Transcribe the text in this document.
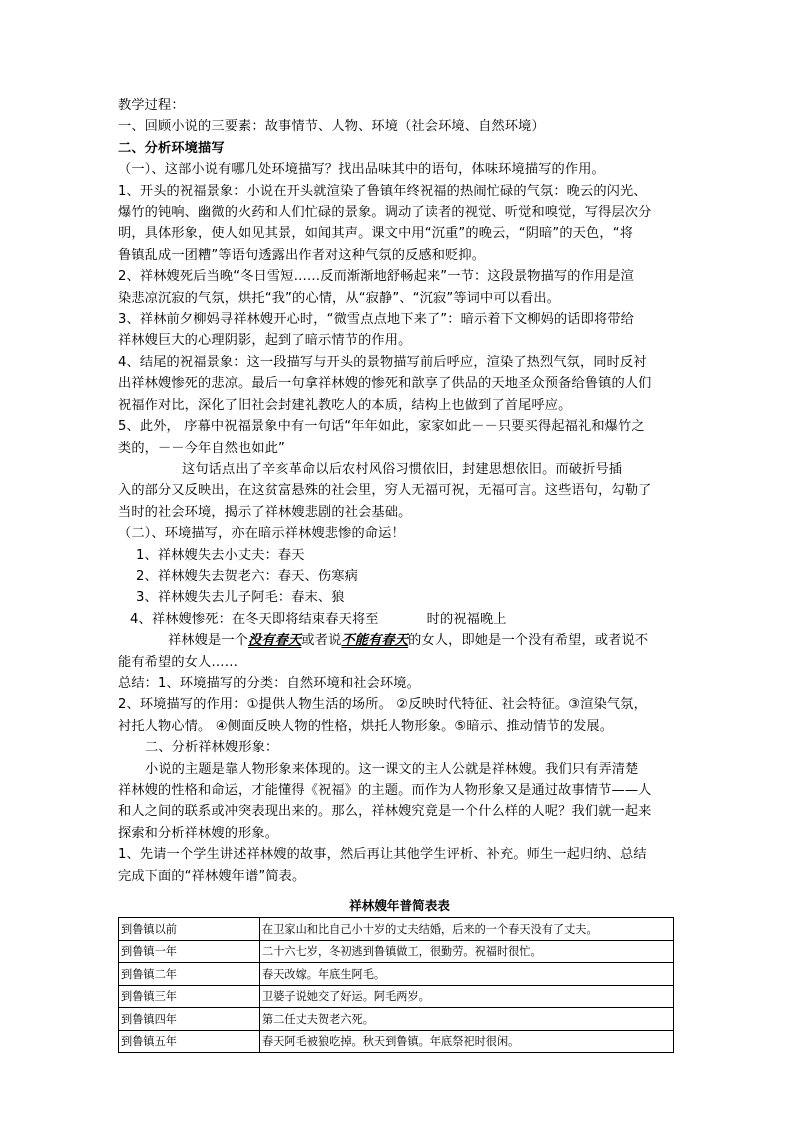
教学过程：
一、回顾小说的三要素：故事情节、人物、环境（社会环境、自然环境）
二、分析环境描写
（一）、这部小说有哪几处环境描写？找出品味其中的语句，体味环境描写的作用。
1、开头的祝福景象：小说在开头就渲染了鲁镇年终祝福的热闹忙碌的气氛：晚云的闪光、
爆竹的钝响、幽微的火药和人们忙碌的景象。调动了读者的视觉、听觉和嗅觉，写得层次分
明，具体形象，使人如见其景，如闻其声。课文中用“沉重”的晚云，“阴暗”的天色，“将
鲁镇乱成一团糟”等语句透露出作者对这种气氛的反感和贬抑。
2、祥林嫂死后当晚“冬日雪短……反而渐渐地舒畅起来”一节：这段景物描写的作用是渲
染悲凉沉寂的气氛，烘托“我”的心情，从“寂静”、“沉寂”等词中可以看出。
3、祥林前夕柳妈寻祥林嫂开心时，“微雪点点地下来了”：暗示着下文柳妈的话即将带给
祥林嫂巨大的心理阴影，起到了暗示情节的作用。
4、结尾的祝福景象：这一段描写与开头的景物描写前后呼应，渲染了热烈气氛，同时反衬
出祥林嫂惨死的悲凉。最后一句拿祥林嫂的惨死和歆享了供品的天地圣众预备给鲁镇的人们
祝福作对比，深化了旧社会封建礼教吃人的本质，结构上也做到了首尾呼应。
5、此外， 序幕中祝福景象中有一句话“年年如此，家家如此－－只要买得起福礼和爆竹之
类的，－－今年自然也如此”
这句话点出了辛亥革命以后农村风俗习惯依旧，封建思想依旧。而破折号插
入的部分又反映出，在这贫富悬殊的社会里，穷人无福可祝，无福可言。这些语句，勾勒了
当时的社会环境，揭示了祥林嫂悲剧的社会基础。
（二）、环境描写，亦在暗示祥林嫂悲惨的命运！
1、祥林嫂失去小丈夫：春天
2、祥林嫂失去贺老六：春天、伤寒病
3、祥林嫂失去儿子阿毛：春末、狼
4、祥林嫂惨死：在冬天即将结束春天将至	时的祝福晚上
祥林嫂是一个没有春天或者说不能有春天的女人，即她是一个没有希望，或者说不
能有希望的女人……
总结：1、环境描写的分类：自然环境和社会环境。
2、环境描写的作用：①提供人物生活的场所。 ②反映时代特征、社会特征。③渲染气氛，
衬托人物心情。 ④侧面反映人物的性格，烘托人物形象。⑤暗示、推动情节的发展。
二、分析祥林嫂形象：
小说的主题是靠人物形象来体现的。这一课文的主人公就是祥林嫂。我们只有弄清楚
祥林嫂的性格和命运，才能懂得《祝福》的主题。而作为人物形象又是通过故事情节——人
和人之间的联系或冲突表现出来的。那么，祥林嫂究竟是一个什么样的人呢？我们就一起来
探索和分析祥林嫂的形象。
1、先请一个学生讲述祥林嫂的故事，然后再让其他学生评析、补充。师生一起归纳、总结
完成下面的“祥林嫂年谱”简表。
祥林嫂年普简表表
到鲁镇以前	在卫家山和比自己小十岁的丈夫结婚，后来的一个春天没有了丈夫。
到鲁镇一年	二十六七岁，冬初逃到鲁镇做工，很勤劳。祝福时很忙。
到鲁镇二年	春天改嫁。年底生阿毛。
到鲁镇三年	卫婆子说她交了好运。阿毛两岁。
到鲁镇四年	第二任丈夫贺老六死。
到鲁镇五年	春天阿毛被狼吃掉。秋天到鲁镇。年底祭祀时很闲。
